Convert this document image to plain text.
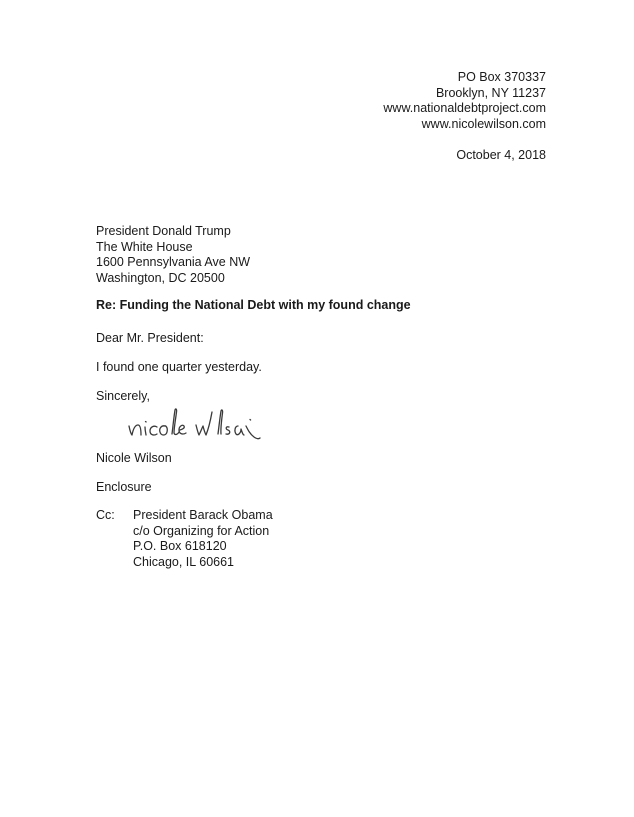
PO Box 370337
Brooklyn, NY 11237
www.nationaldebtproject.com
www.nicolewilson.com
October 4, 2018
President Donald Trump
The White House
1600 Pennsylvania Ave NW
Washington, DC 20500
Re: Funding the National Debt with my found change
Dear Mr. President:
I found one quarter yesterday.
Sincerely,
nicole wilson
Nicole Wilson
Enclosure
Cc: President Barack Obama
c/o Organizing for Action
P.O. Box 618120
Chicago, IL 60661
